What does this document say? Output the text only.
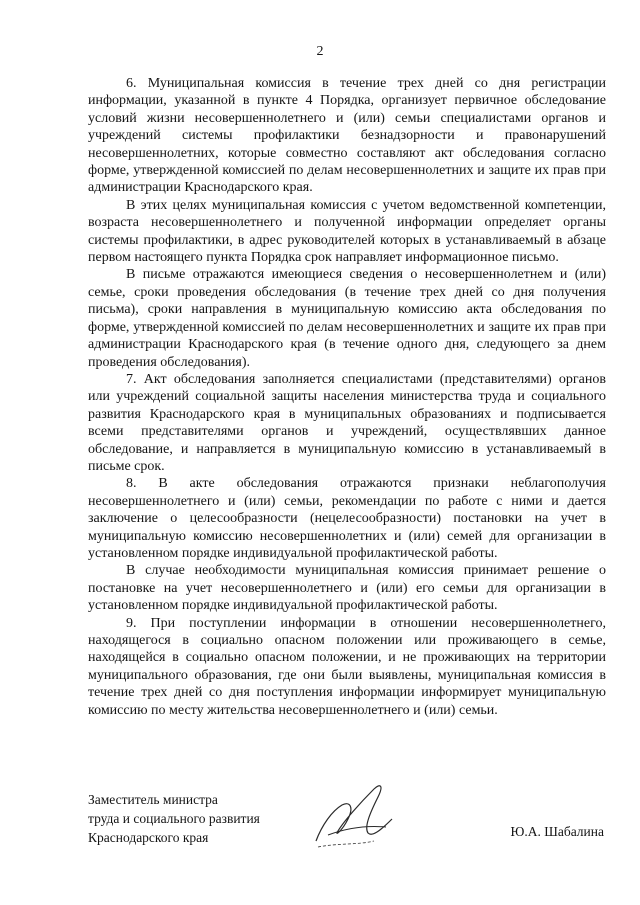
2

6. Муниципальная комиссия в течение трех дней со дня регистрации информации, указанной в пункте 4 Порядка, организует первичное обследование условий жизни несовершеннолетнего и (или) семьи специалистами органов и учреждений системы профилактики безнадзорности и правонарушений несовершеннолетних, которые совместно составляют акт обследования согласно форме, утвержденной комиссией по делам несовершеннолетних и защите их прав при администрации Краснодарского края.

В этих целях муниципальная комиссия с учетом ведомственной компетенции, возраста несовершеннолетнего и полученной информации определяет органы системы профилактики, в адрес руководителей которых в устанавливаемый в абзаце первом настоящего пункта Порядка срок направляет информационное письмо.

В письме отражаются имеющиеся сведения о несовершеннолетнем и (или) семье, сроки проведения обследования (в течение трех дней со дня получения письма), сроки направления в муниципальную комиссию акта обследования по форме, утвержденной комиссией по делам несовершеннолетних и защите их прав при администрации Краснодарского края (в течение одного дня, следующего за днем проведения обследования).

7. Акт обследования заполняется специалистами (представителями) органов или учреждений социальной защиты населения министерства труда и социального развития Краснодарского края в муниципальных образованиях и подписывается всеми представителями органов и учреждений, осуществлявших данное обследование, и направляется в муниципальную комиссию в устанавливаемый в письме срок.

8. В акте обследования отражаются признаки неблагополучия несовершеннолетнего и (или) семьи, рекомендации по работе с ними и дается заключение о целесообразности (нецелесообразности) постановки на учет в муниципальную комиссию несовершеннолетних и (или) семей для организации в установленном порядке индивидуальной профилактической работы.

В случае необходимости муниципальная комиссия принимает решение о постановке на учет несовершеннолетнего и (или) его семьи для организации в установленном порядке индивидуальной профилактической работы.

9. При поступлении информации в отношении несовершеннолетнего, находящегося в социально опасном положении или проживающего в семье, находящейся в социально опасном положении, и не проживающих на территории муниципального образования, где они были выявлены, муниципальная комиссия в течение трех дней со дня поступления информации информирует муниципальную комиссию по месту жительства несовершеннолетнего и (или) семьи.

Заместитель министра
труда и социального развития
Краснодарского края	Ю.А. Шабалина
